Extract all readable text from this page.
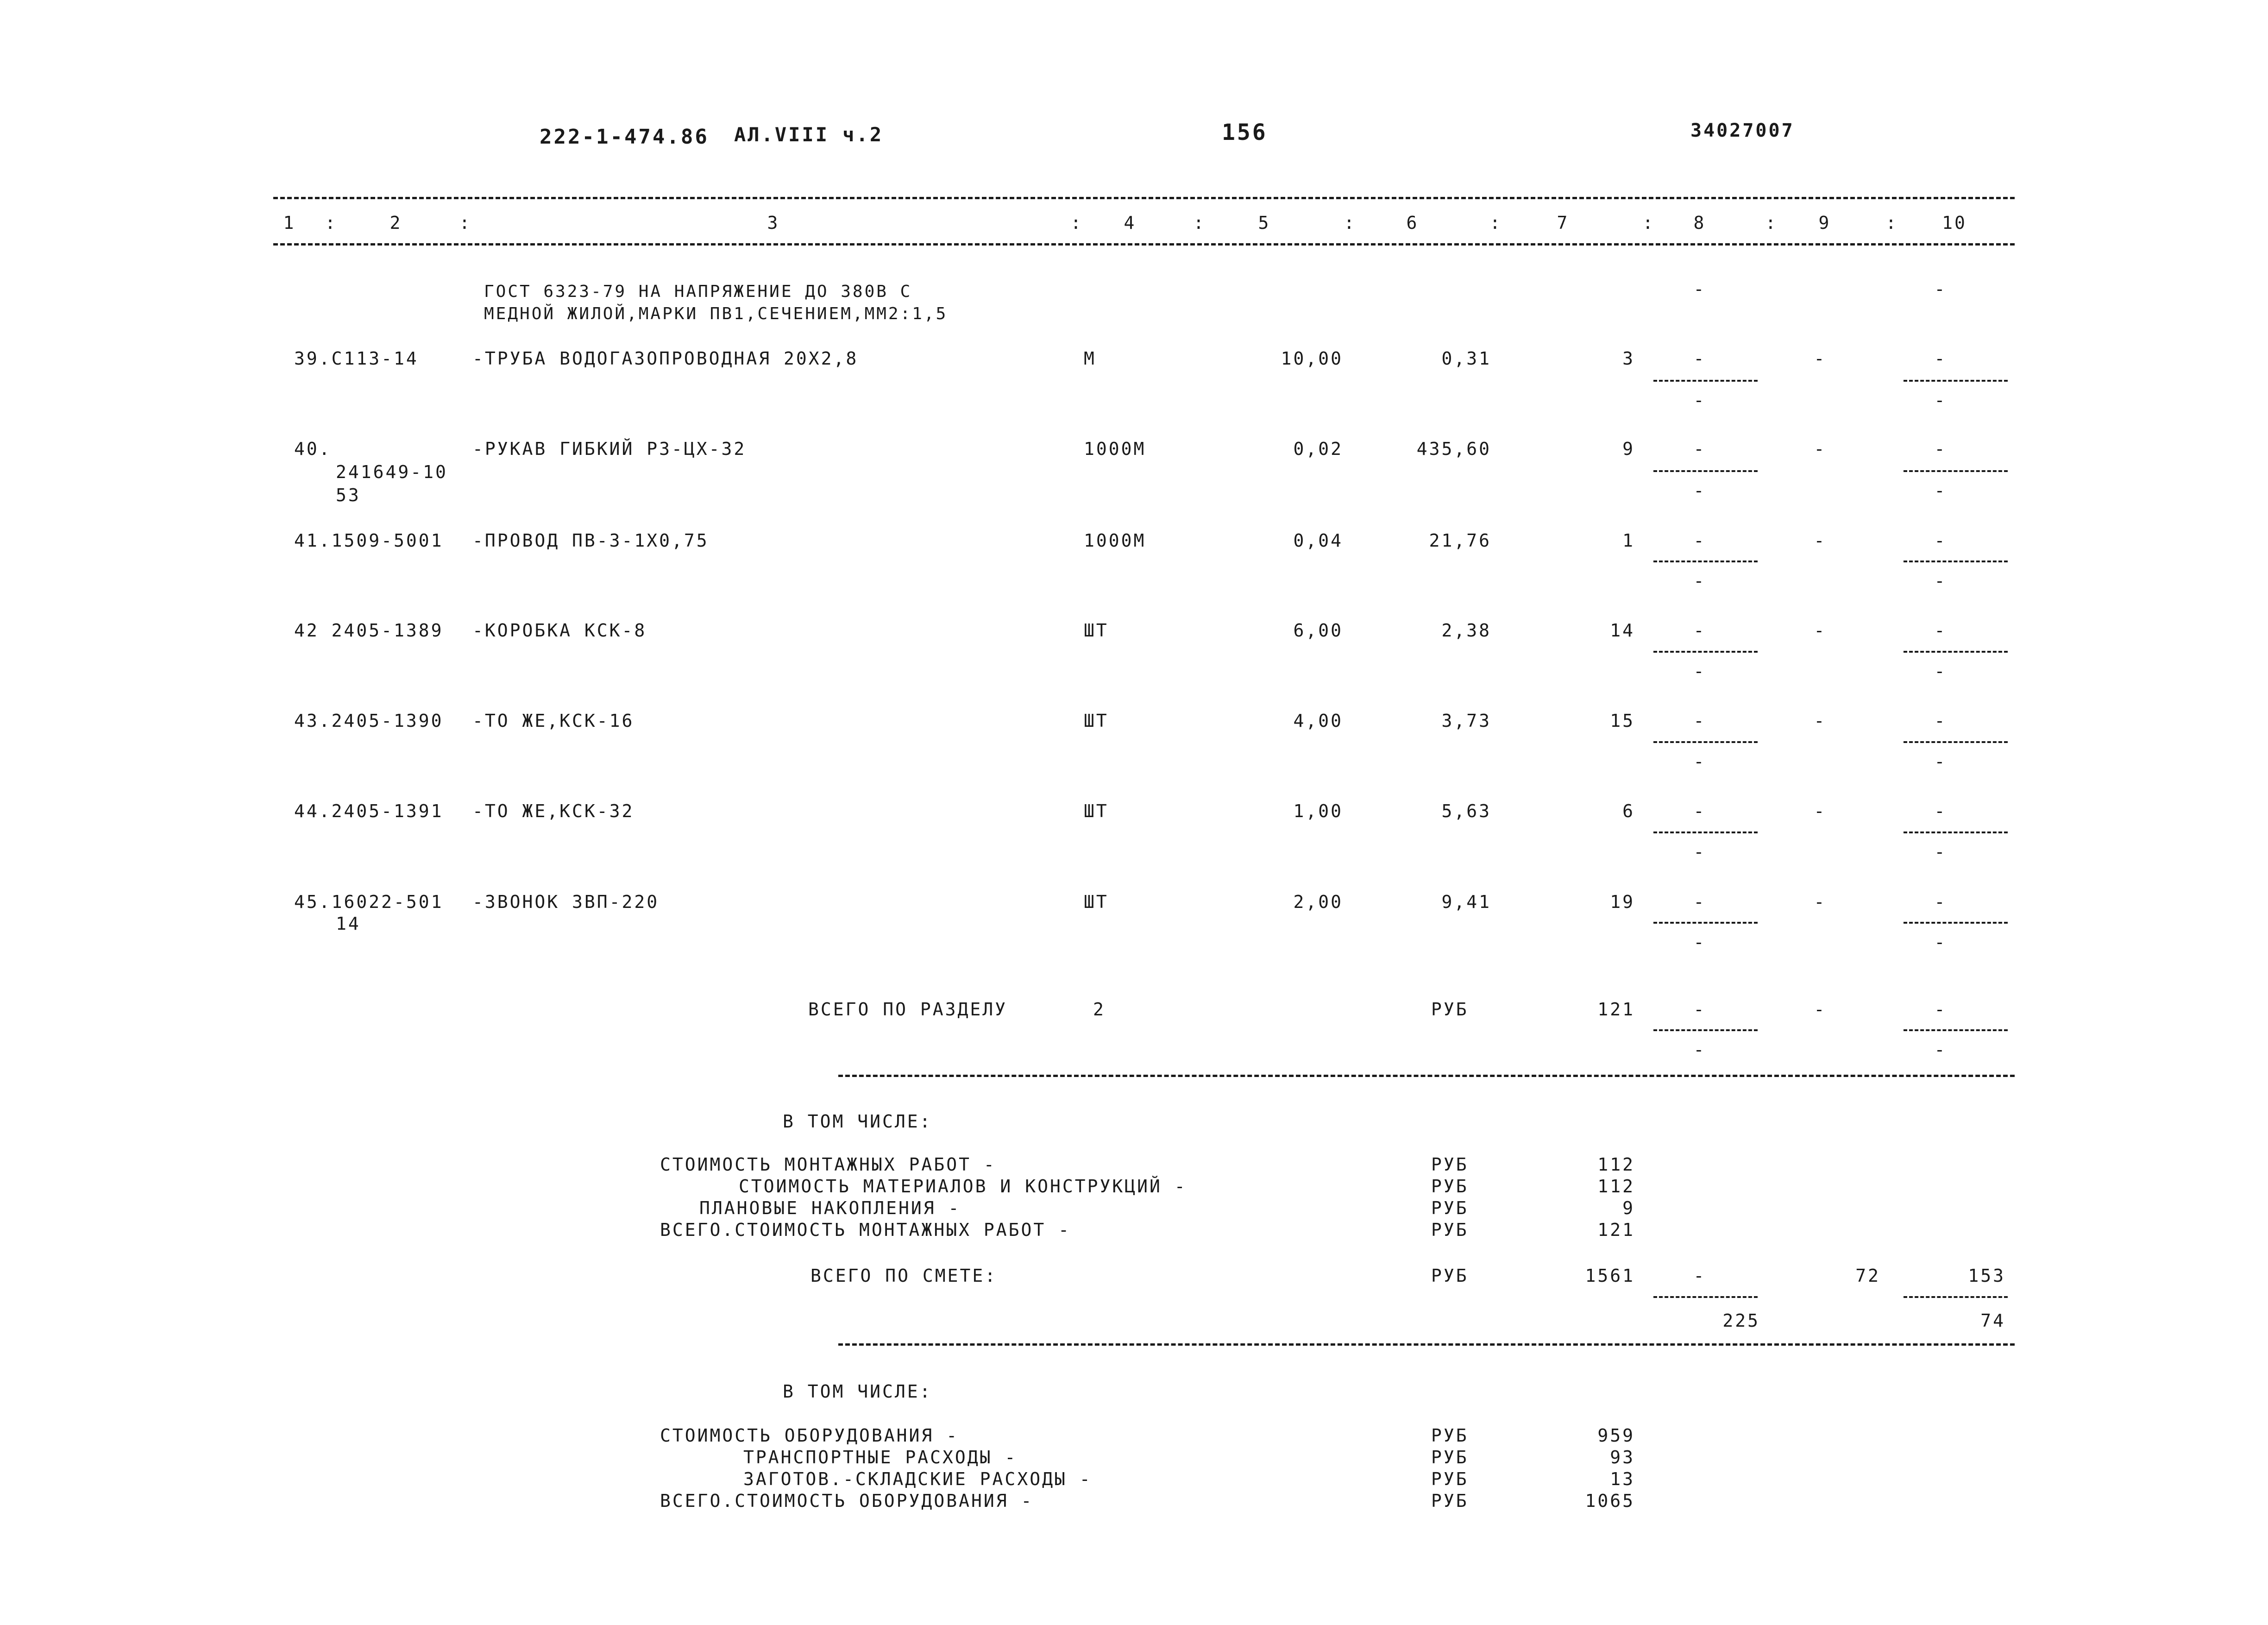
222-1-474.86 АЛ.VIII ч.2	156	34027007
1 :	2	:	3	: 4	:	5	:	6	:	7	: 8	: 9	:	10
ГОСТ 6323-79 НА НАПРЯЖЕНИЕ ДО 380В С
МЕДНОЙ ЖИЛОЙ,МАРКИ ПВ1,СЕЧЕНИЕМ,ММ2:1,5
-	-
39.С113-14	-ТРУБА ВОДОГАЗОПРОВОДНАЯ 20Х2,8	М	10,00	0,31	3	-	-	-
-	-
40.
241649-10
53
-РУКАВ ГИБКИЙ РЗ-ЦХ-32	1000М	0,02	435,60	9	-	-	-
-	-
41.1509-5001 -ПРОВОД ПВ-3-1Х0,75	1000М	0,04	21,76	1	-	-	-
-	-
42 2405-1389 -КОРОБКА КСК-8	ШТ	6,00	2,38	14	-	-	-
-	-
43.2405-1390 -ТО ЖЕ,КСК-16	ШТ	4,00	3,73	15	-	-	-
-	-
44.2405-1391 -ТО ЖЕ,КСК-32	ШТ	1,00	5,63	6	-	-	-
-	-
45.16022-501
14
-ЗВОНОК ЗВП-220	ШТ	2,00	9,41	19	-	-	-
-	-
ВСЕГО ПО РАЗДЕЛУ	2	РУБ	121	-	-	-
-	-
В ТОМ ЧИСЛЕ:
СТОИМОСТЬ МОНТАЖНЫХ РАБОТ -	РУБ	112
СТОИМОСТЬ МАТЕРИАЛОВ И КОНСТРУКЦИЙ -	РУБ	112
ПЛАНОВЫЕ НАКОПЛЕНИЯ -	РУБ	9
ВСЕГО.СТОИМОСТЬ МОНТАЖНЫХ РАБОТ -	РУБ	121
ВСЕГО ПО СМЕТЕ:	РУБ	1561	-	72	153
225	74
В ТОМ ЧИСЛЕ:
СТОИМОСТЬ ОБОРУДОВАНИЯ -	РУБ	959
ТРАНСПОРТНЫЕ РАСХОДЫ -	РУБ	93
ЗАГОТОВ.-СКЛАДСКИЕ РАСХОДЫ -	РУБ	13
ВСЕГО.СТОИМОСТЬ ОБОРУДОВАНИЯ -	РУБ	1065
